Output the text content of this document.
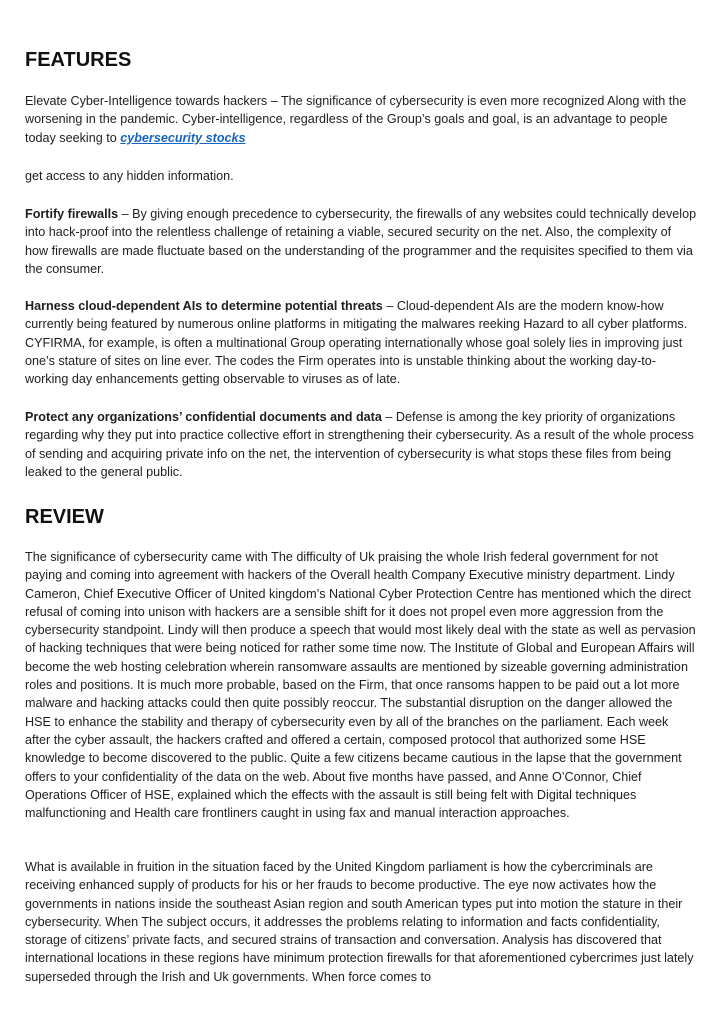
FEATURES

Elevate Cyber-Intelligence towards hackers – The significance of cybersecurity is even more recognized Along with the worsening in the pandemic. Cyber-intelligence, regardless of the Group’s goals and goal, is an advantage to people today seeking to cybersecurity stocks

get access to any hidden information.

Fortify firewalls – By giving enough precedence to cybersecurity, the firewalls of any websites could technically develop into hack-proof into the relentless challenge of retaining a viable, secured security on the net. Also, the complexity of how firewalls are made fluctuate based on the understanding of the programmer and the requisites specified to them via the consumer.

Harness cloud-dependent AIs to determine potential threats – Cloud-dependent AIs are the modern know-how currently being featured by numerous online platforms in mitigating the malwares reeking Hazard to all cyber platforms. CYFIRMA, for example, is often a multinational Group operating internationally whose goal solely lies in improving just one’s stature of sites on line ever. The codes the Firm operates into is unstable thinking about the working day-to-working day enhancements getting observable to viruses as of late.

Protect any organizations’ confidential documents and data – Defense is among the key priority of organizations regarding why they put into practice collective effort in strengthening their cybersecurity. As a result of the whole process of sending and acquiring private info on the net, the intervention of cybersecurity is what stops these files from being leaked to the general public.

REVIEW

The significance of cybersecurity came with The difficulty of Uk praising the whole Irish federal government for not paying and coming into agreement with hackers of the Overall health Company Executive ministry department. Lindy Cameron, Chief Executive Officer of United kingdom’s National Cyber Protection Centre has mentioned which the direct refusal of coming into unison with hackers are a sensible shift for it does not propel even more aggression from the cybersecurity standpoint. Lindy will then produce a speech that would most likely deal with the state as well as pervasion of hacking techniques that were being noticed for rather some time now. The Institute of Global and European Affairs will become the web hosting celebration wherein ransomware assaults are mentioned by sizeable governing administration roles and positions. It is much more probable, based on the Firm, that once ransoms happen to be paid out a lot more malware and hacking attacks could then quite possibly reoccur. The substantial disruption on the danger allowed the HSE to enhance the stability and therapy of cybersecurity even by all of the branches on the parliament. Each week after the cyber assault, the hackers crafted and offered a certain, composed protocol that authorized some HSE knowledge to become discovered to the public. Quite a few citizens became cautious in the lapse that the government offers to your confidentiality of the data on the web. About five months have passed, and Anne O’Connor, Chief Operations Officer of HSE, explained which the effects with the assault is still being felt with Digital techniques malfunctioning and Health care frontliners caught in using fax and manual interaction approaches.

What is available in fruition in the situation faced by the United Kingdom parliament is how the cybercriminals are receiving enhanced supply of products for his or her frauds to become productive. The eye now activates how the governments in nations inside the southeast Asian region and south American types put into motion the stature in their cybersecurity. When The subject occurs, it addresses the problems relating to information and facts confidentiality, storage of citizens’ private facts, and secured strains of transaction and conversation. Analysis has discovered that international locations in these regions have minimum protection firewalls for that aforementioned cybercrimes just lately superseded through the Irish and Uk governments. When force comes to
